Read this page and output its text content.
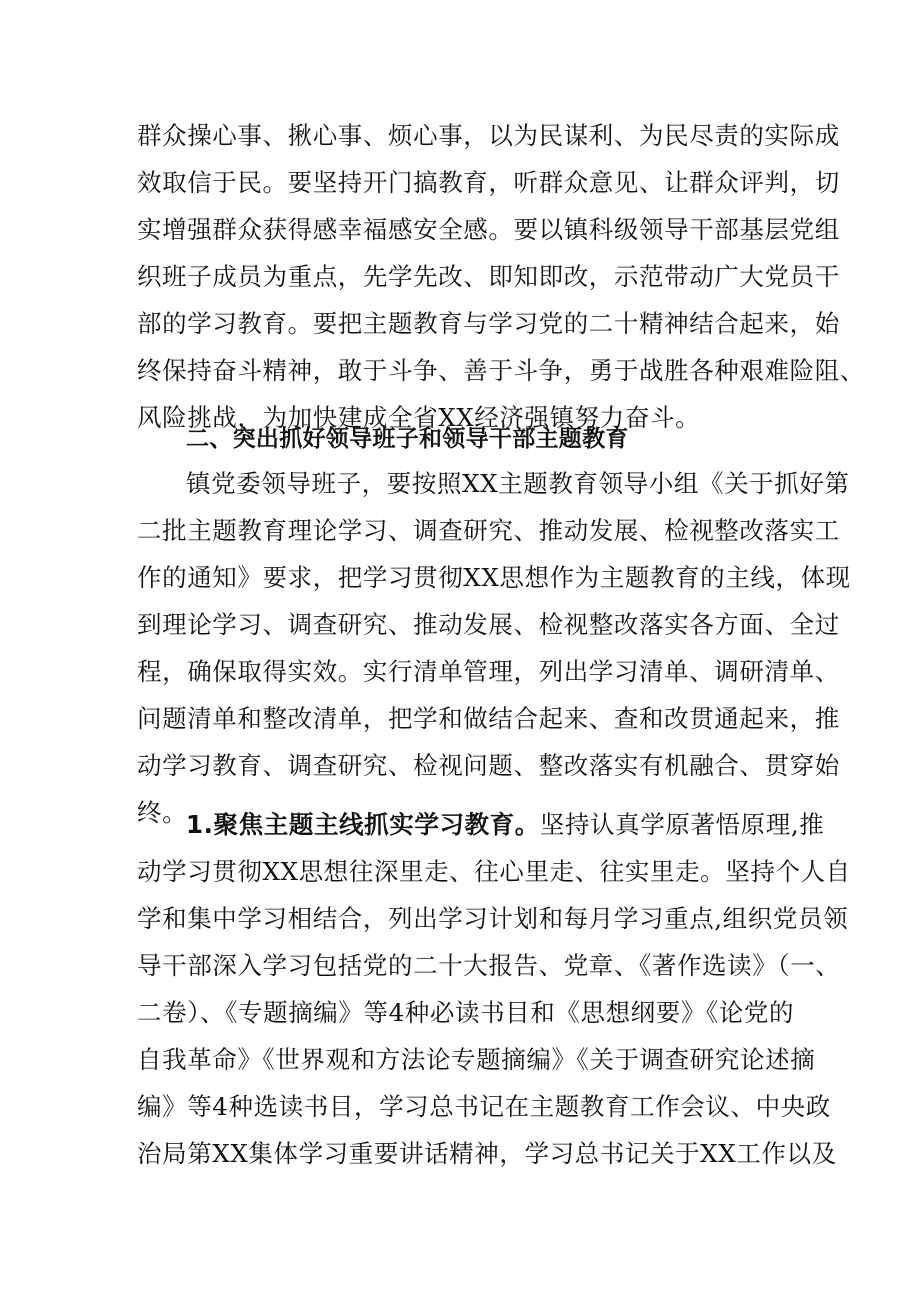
群众操心事、揪心事、烦心事，以为民谋利、为民尽责的实际成
效取信于民。要坚持开门搞教育，听群众意见、让群众评判，切
实增强群众获得感幸福感安全感。要以镇科级领导干部基层党组
织班子成员为重点，先学先改、即知即改，示范带动广大党员干
部的学习教育。要把主题教育与学习党的二十精神结合起来，始
终保持奋斗精神，敢于斗争、善于斗争，勇于战胜各种艰难险阻、
风险挑战，为加快建成全省XX经济强镇努力奋斗。
二、突出抓好领导班子和领导干部主题教育
镇党委领导班子，要按照XX主题教育领导小组《关于抓好第
二批主题教育理论学习、调查研究、推动发展、检视整改落实工
作的通知》要求，把学习贯彻XX思想作为主题教育的主线，体现
到理论学习、调查研究、推动发展、检视整改落实各方面、全过
程，确保取得实效。实行清单管理，列出学习清单、调研清单、
问题清单和整改清单，把学和做结合起来、查和改贯通起来，推
动学习教育、调查研究、检视问题、整改落实有机融合、贯穿始
终。
1.聚焦主题主线抓实学习教育。坚持认真学原著悟原理,推
动学习贯彻XX思想往深里走、往心里走、往实里走。坚持个人自
学和集中学习相结合，列出学习计划和每月学习重点,组织党员领
导干部深入学习包括党的二十大报告、党章、《著作选读》（一、
二卷）、《专题摘编》等4种必读书目和《思想纲要》《论党的
自我革命》《世界观和方法论专题摘编》《关于调查研究论述摘
编》等4种选读书目，学习总书记在主题教育工作会议、中央政
治局第XX集体学习重要讲话精神，学习总书记关于XX工作以及
